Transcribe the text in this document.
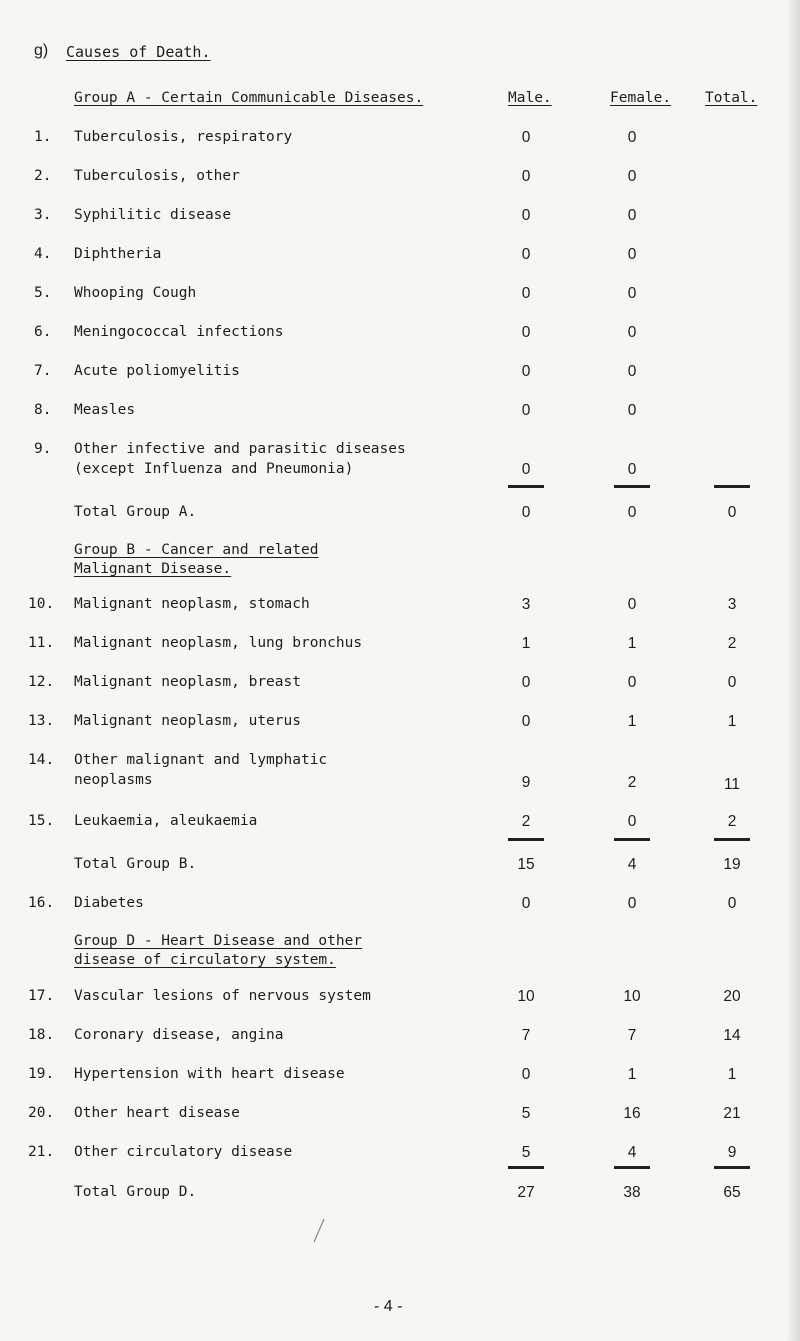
g) Causes of Death.
Group A - Certain Communicable Diseases.	Male.	Female. Total.
1. Tuberculosis, respiratory	0	0
2. Tuberculosis, other	0	0
3. Syphilitic disease	0	0
4. Diphtheria	0	0
5. Whooping Cough	0	0
6. Meningococcal infections	0	0
7. Acute poliomyelitis	0	0
8. Measles	0	0
9. Other infective and parasitic diseases
(except Influenza and Pneumonia)	0	0
Total Group A.	0	0	0
Group B - Cancer and related
Malignant Disease.
10. Malignant neoplasm, stomach	3	0	3
11. Malignant neoplasm, lung bronchus	1	1	2
12. Malignant neoplasm, breast	0	0	0
13. Malignant neoplasm, uterus	0	1	1
14. Other malignant and lymphatic
neoplasms	9	2	11
15. Leukaemia, aleukaemia	2	0	2
Total Group B.	15	4	19
16. Diabetes	0	0	0
Group D - Heart Disease and other
disease of circulatory system.
17. Vascular lesions of nervous system	10	10	20
18. Coronary disease, angina	7	7	14
19. Hypertension with heart disease	0	1	1
20. Other heart disease	5	16	21
21. Other circulatory disease	5	4	9
Total Group D.	27	38	65
- 4 -
